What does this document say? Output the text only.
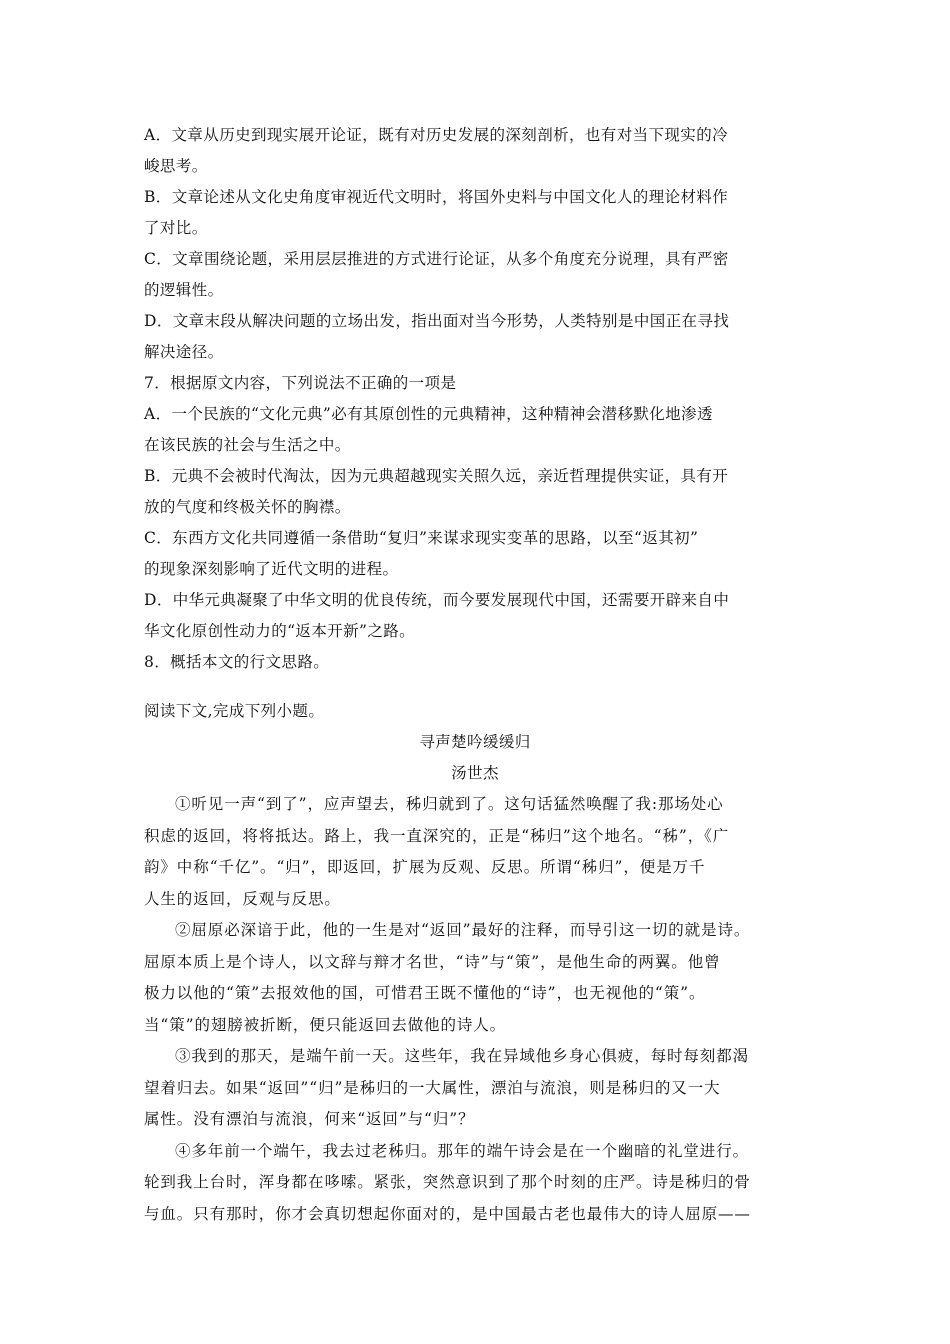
A．文章从历史到现实展开论证，既有对历史发展的深刻剖析，也有对当下现实的冷
峻思考。
B．文章论述从文化史角度审视近代文明时，将国外史料与中国文化人的理论材料作
了对比。
C．文章围绕论题，采用层层推进的方式进行论证，从多个角度充分说理，具有严密
的逻辑性。
D．文章末段从解决问题的立场出发，指出面对当今形势，人类特别是中国正在寻找
解决途径。
7．根据原文内容，下列说法不正确的一项是
A．一个民族的“文化元典”必有其原创性的元典精神，这种精神会潜移默化地渗透
在该民族的社会与生活之中。
B．元典不会被时代淘汰，因为元典超越现实关照久远，亲近哲理提供实证，具有开
放的气度和终极关怀的胸襟。
C．东西方文化共同遵循一条借助“复归”来谋求现实变革的思路，以至“返其初”
的现象深刻影响了近代文明的进程。
D．中华元典凝聚了中华文明的优良传统，而今要发展现代中国，还需要开辟来自中
华文化原创性动力的“返本开新”之路。
8．概括本文的行文思路。
阅读下文,完成下列小题。
寻声楚吟缓缓归
汤世杰
①听见一声“到了”，应声望去，秭归就到了。这句话猛然唤醒了我:那场处心
积虑的返回，将将抵达。路上，我一直深究的，正是“秭归”这个地名。“秭”，《广
韵》中称“千亿”。“归”，即返回，扩展为反观、反思。所谓“秭归”，便是万千
人生的返回，反观与反思。
②屈原必深谙于此，他的一生是对“返回”最好的注释，而导引这一切的就是诗。
屈原本质上是个诗人，以文辞与辩才名世，“诗”与“策”，是他生命的两翼。他曾
极力以他的“策”去报效他的国，可惜君王既不懂他的“诗”，也无视他的“策”。
当“策”的翅膀被折断，便只能返回去做他的诗人。
③我到的那天，是端午前一天。这些年，我在异域他乡身心俱疲，每时每刻都渴
望着归去。如果“返回”“归”是秭归的一大属性，漂泊与流浪，则是秭归的又一大
属性。没有漂泊与流浪，何来“返回”与“归”？
④多年前一个端午，我去过老秭归。那年的端午诗会是在一个幽暗的礼堂进行。
轮到我上台时，浑身都在哆嗦。紧张，突然意识到了那个时刻的庄严。诗是秭归的骨
与血。只有那时，你才会真切想起你面对的，是中国最古老也最伟大的诗人屈原——
